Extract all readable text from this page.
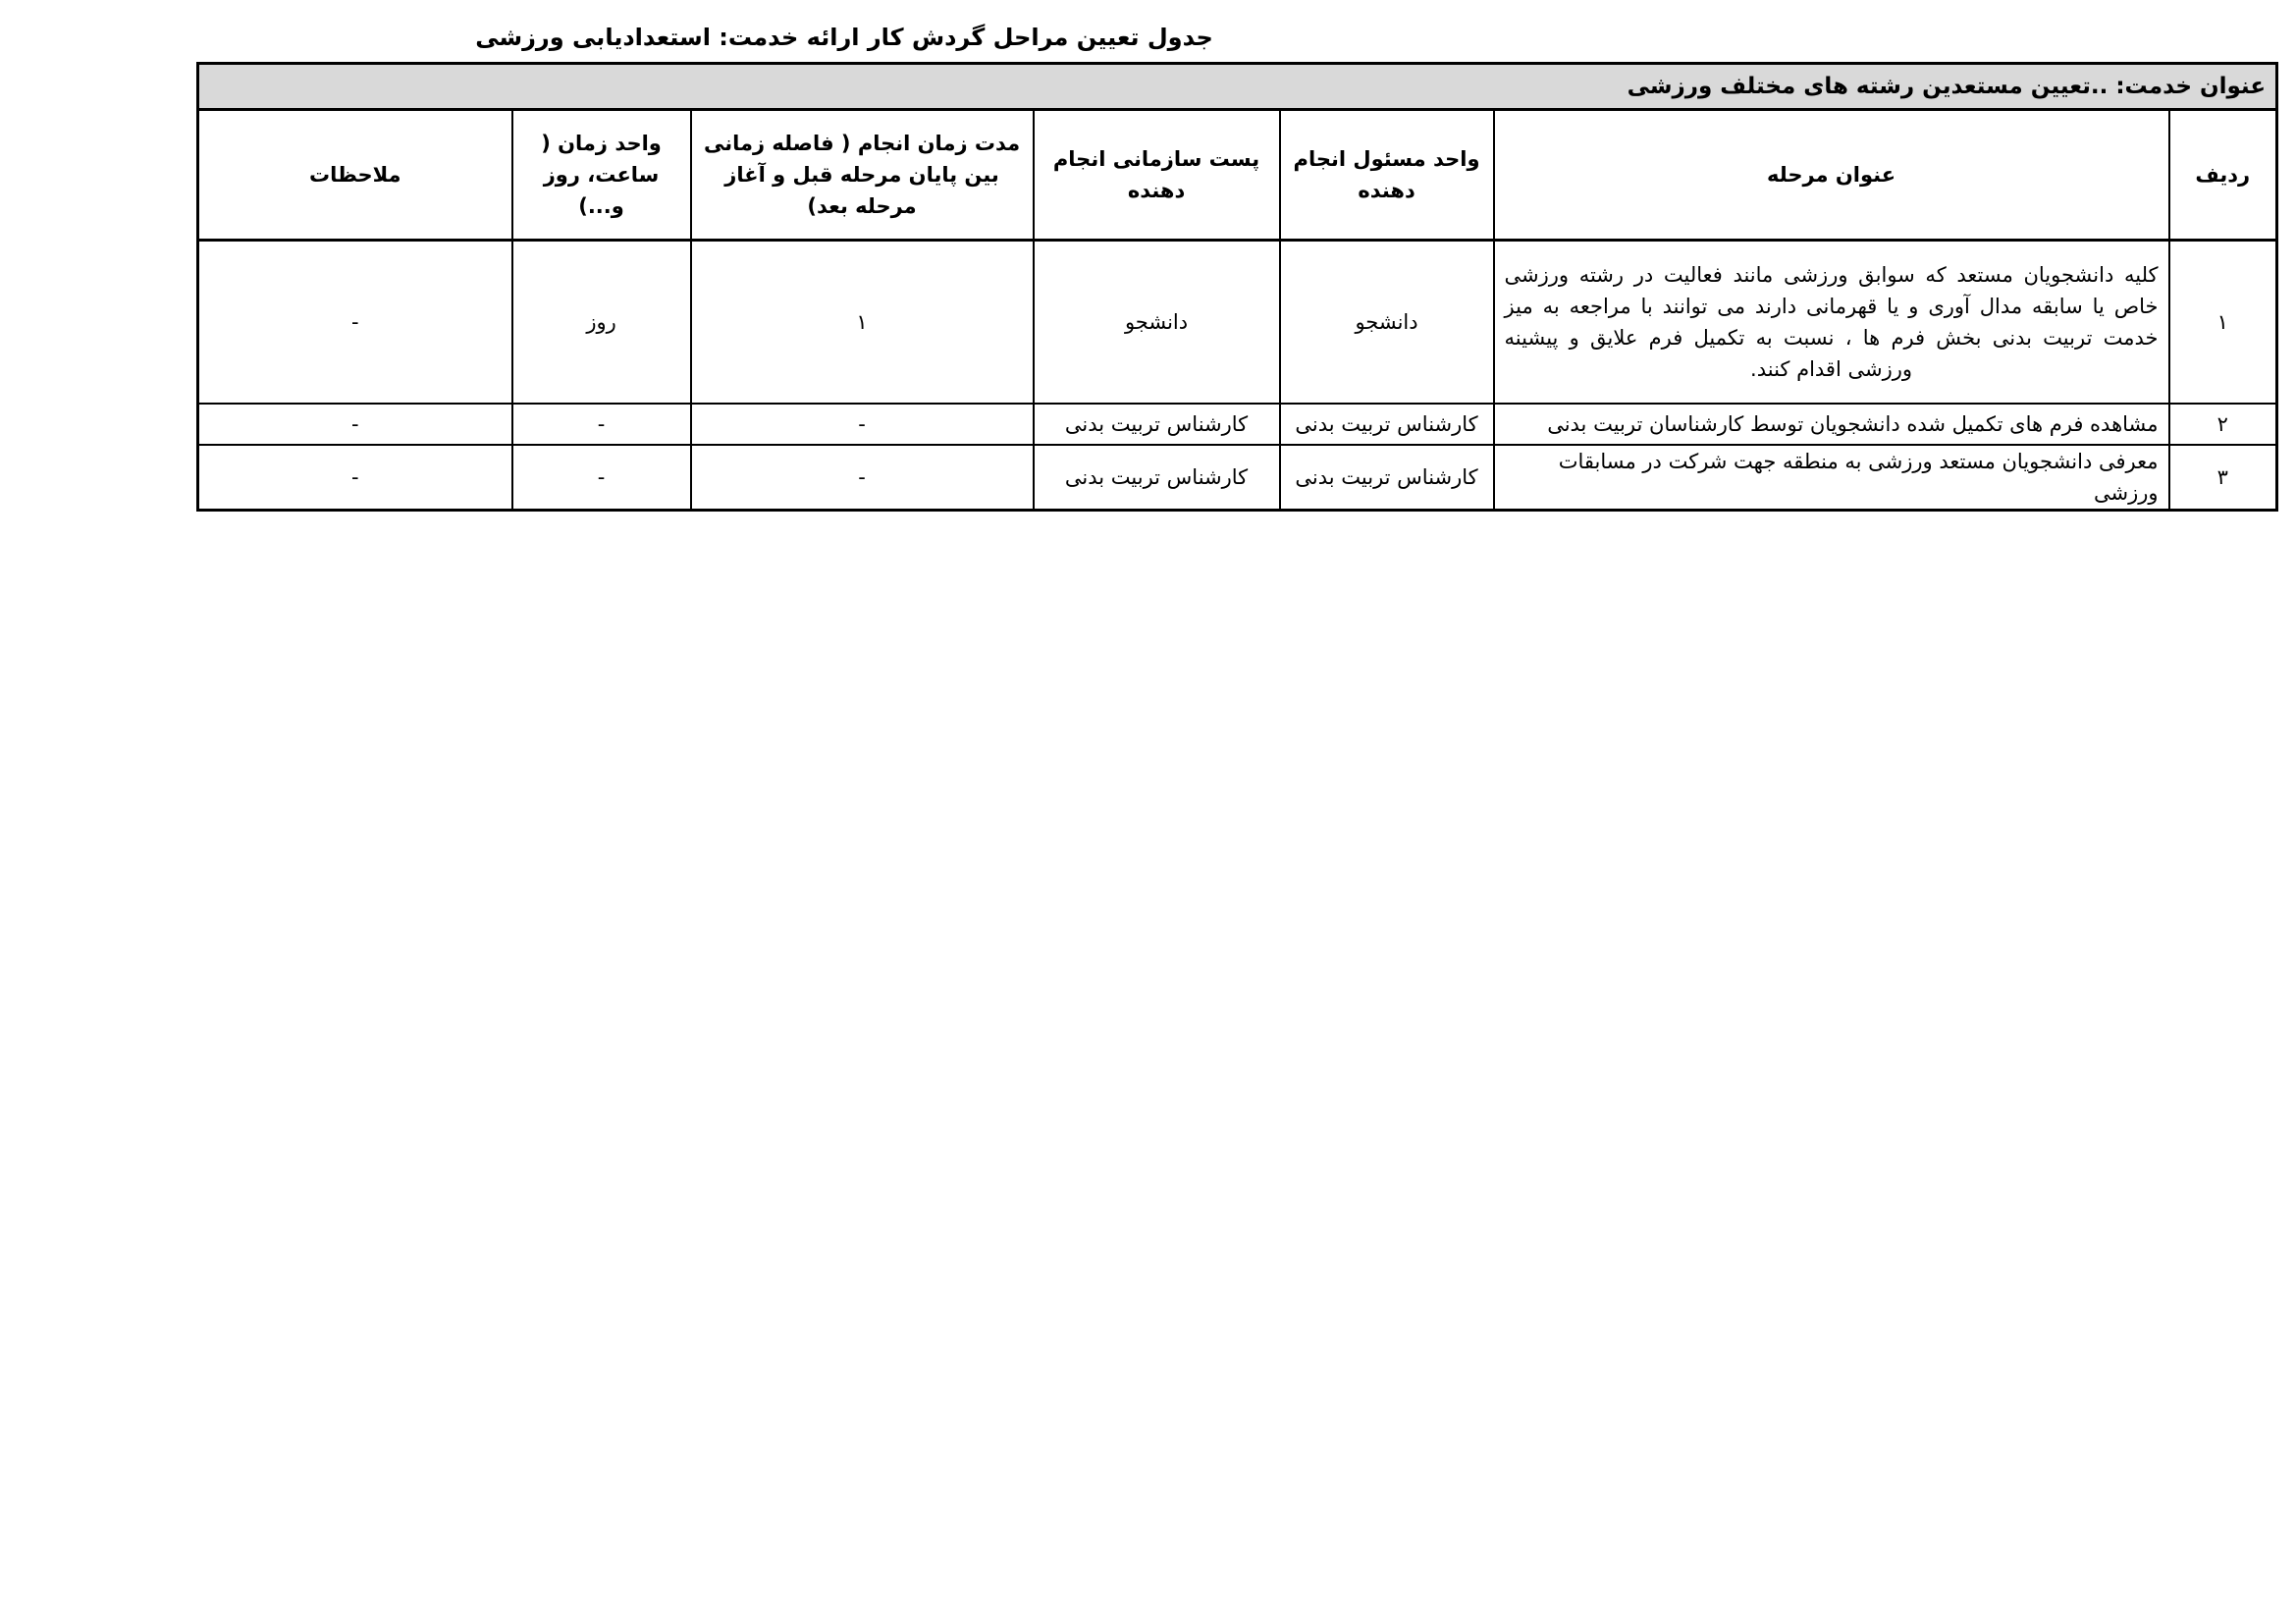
جدول تعیین مراحل گردش کار ارائه خدمت: استعدادیابی ورزشی
عنوان خدمت: ..تعیین مستعدین رشته های مختلف ورزشی						
ردیف	عنوان مرحله	واحد مسئول انجام دهنده	پست سازمانی انجام دهنده	مدت زمان انجام ( فاصله زمانی بین پایان مرحله قبل و آغاز مرحله بعد)	واحد زمان ( ساعت، روز و...)	ملاحظات
۱	کلیه دانشجویان مستعد که سوابق ورزشی مانند فعالیت در رشته ورزشی خاص یا سابقه مدال آوری و یا قهرمانی دارند می توانند با مراجعه به میز خدمت تربیت بدنی بخش فرم ها ، نسبت به تکمیل فرم علایق و پیشینه ورزشی اقدام کنند.	دانشجو	دانشجو	۱	روز	-
۲	مشاهده فرم های تکمیل شده دانشجویان توسط کارشناسان تربیت بدنی	کارشناس تربیت بدنی	کارشناس تربیت بدنی	-	-	-
۳	معرفی دانشجویان مستعد ورزشی به منطقه جهت شرکت در مسابقات ورزشی	کارشناس تربیت بدنی	کارشناس تربیت بدنی	-	-	-
